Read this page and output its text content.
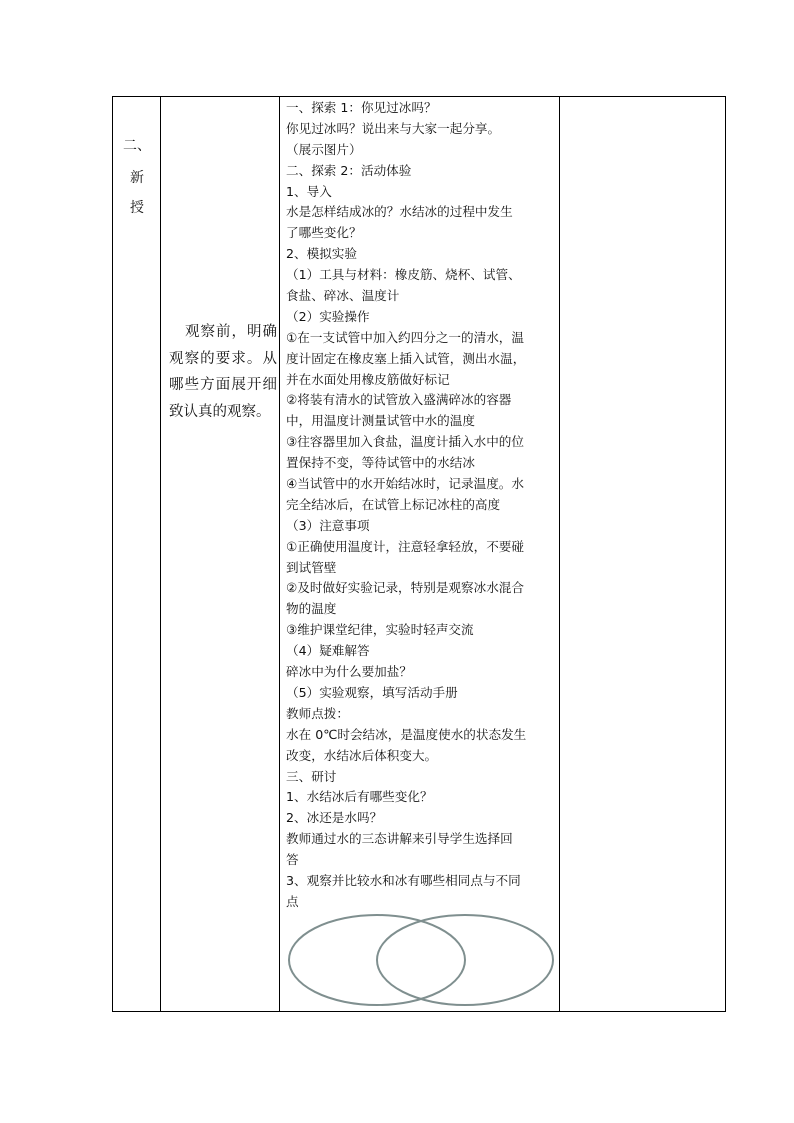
二、
新
授
观察前，明确观察的要求。从哪些方面展开细致认真的观察。
一、探索 1：你见过冰吗？
你见过冰吗？说出来与大家一起分享。
（展示图片）
二、探索 2：活动体验
1、导入
水是怎样结成冰的？水结冰的过程中发生
了哪些变化？
2、模拟实验
（1）工具与材料：橡皮筋、烧杯、试管、
食盐、碎冰、温度计
（2）实验操作
①在一支试管中加入约四分之一的清水，温
度计固定在橡皮塞上插入试管，测出水温，
并在水面处用橡皮筋做好标记
②将装有清水的试管放入盛满碎冰的容器
中，用温度计测量试管中水的温度
③往容器里加入食盐，温度计插入水中的位
置保持不变，等待试管中的水结冰
④当试管中的水开始结冰时，记录温度。水
完全结冰后，在试管上标记冰柱的高度
（3）注意事项
①正确使用温度计，注意轻拿轻放，不要碰
到试管壁
②及时做好实验记录，特别是观察冰水混合
物的温度
③维护课堂纪律，实验时轻声交流
（4）疑难解答
碎冰中为什么要加盐？
（5）实验观察，填写活动手册
教师点拨：
水在 0℃时会结冰，是温度使水的状态发生
改变，水结冰后体积变大。
三、研讨
1、水结冰后有哪些变化？
2、冰还是水吗？
教师通过水的三态讲解来引导学生选择回
答
3、观察并比较水和冰有哪些相同点与不同
点
